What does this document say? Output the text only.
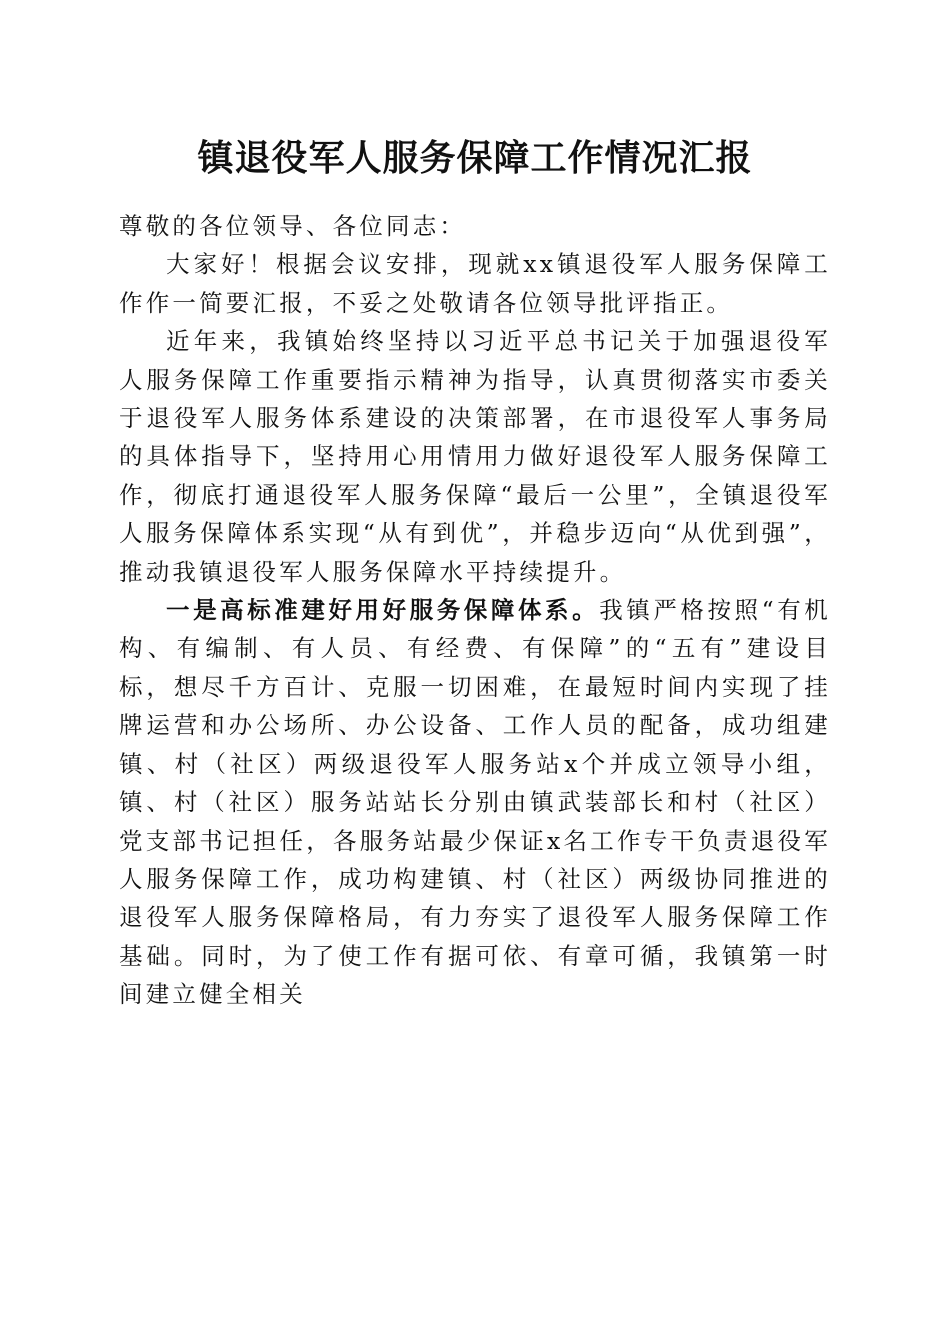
镇退役军人服务保障工作情况汇报

尊敬的各位领导、各位同志：

大家好！根据会议安排，现就xx镇退役军人服务保障工作作一简要汇报，不妥之处敬请各位领导批评指正。

近年来，我镇始终坚持以习近平总书记关于加强退役军人服务保障工作重要指示精神为指导，认真贯彻落实市委关于退役军人服务体系建设的决策部署，在市退役军人事务局的具体指导下，坚持用心用情用力做好退役军人服务保障工作，彻底打通退役军人服务保障“最后一公里”，全镇退役军人服务保障体系实现“从有到优”，并稳步迈向“从优到强”，推动我镇退役军人服务保障水平持续提升。

一是高标准建好用好服务保障体系。我镇严格按照“有机构、有编制、有人员、有经费、有保障”的“五有”建设目标，想尽千方百计、克服一切困难，在最短时间内实现了挂牌运营和办公场所、办公设备、工作人员的配备，成功组建镇、村（社区）两级退役军人服务站x个并成立领导小组，镇、村（社区）服务站站长分别由镇武装部长和村（社区）党支部书记担任，各服务站最少保证x名工作专干负责退役军人服务保障工作，成功构建镇、村（社区）两级协同推进的退役军人服务保障格局，有力夯实了退役军人服务保障工作基础。同时，为了使工作有据可依、有章可循，我镇第一时间建立健全相关
